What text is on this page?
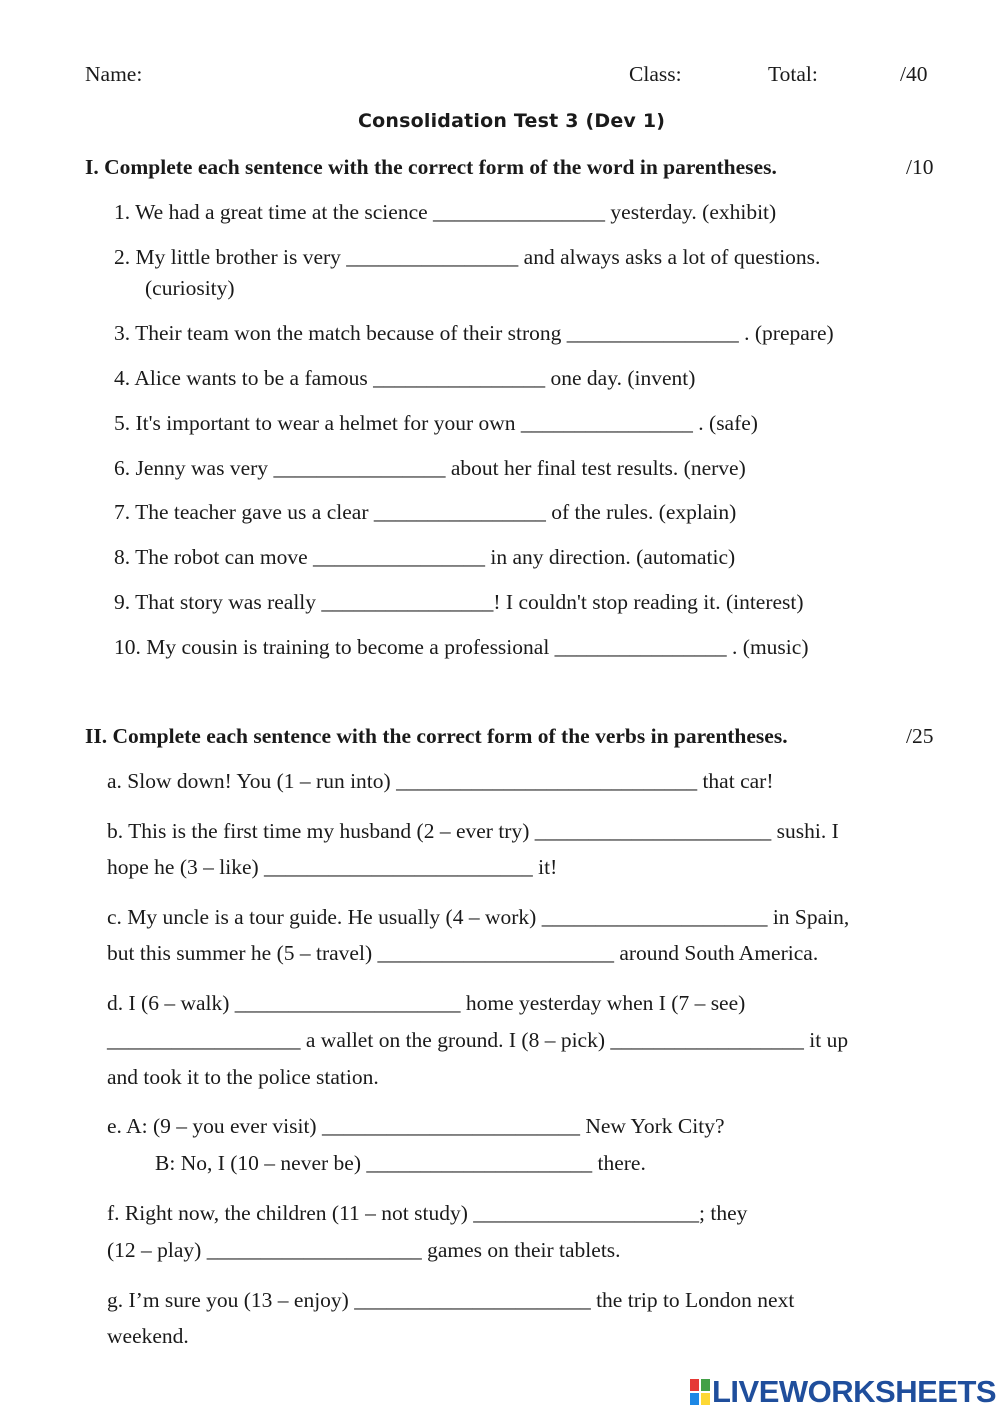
Name:	Class:	Total:	/40
Consolidation Test 3 (Dev 1)
I. Complete each sentence with the correct form of the word in parentheses.	/10
1. We had a great time at the science ________________ yesterday. (exhibit)
2. My little brother is very ________________ and always asks a lot of questions.
(curiosity)
3. Their team won the match because of their strong ________________ . (prepare)
4. Alice wants to be a famous ________________ one day. (invent)
5. It's important to wear a helmet for your own ________________ . (safe)
6. Jenny was very ________________ about her final test results. (nerve)
7. The teacher gave us a clear ________________ of the rules. (explain)
8. The robot can move ________________ in any direction. (automatic)
9. That story was really ________________! I couldn't stop reading it. (interest)
10. My cousin is training to become a professional ________________ . (music)
II. Complete each sentence with the correct form of the verbs in parentheses.	/25
a. Slow down! You (1 – run into) ____________________________ that car!
b. This is the first time my husband (2 – ever try) ______________________ sushi. I
hope he (3 – like) _________________________ it!
c. My uncle is a tour guide. He usually (4 – work) _____________________ in Spain,
but this summer he (5 – travel) ______________________ around South America.
d. I (6 – walk) _____________________ home yesterday when I (7 – see)
__________________ a wallet on the ground. I (8 – pick) __________________ it up
and took it to the police station.
e. A: (9 – you ever visit) ________________________ New York City?
B: No, I (10 – never be) _____________________ there.
f. Right now, the children (11 – not study) _____________________; they
(12 – play) ____________________ games on their tablets.
g. I’m sure you (13 – enjoy) ______________________ the trip to London next
weekend.
LIVEWORKSHEETS
